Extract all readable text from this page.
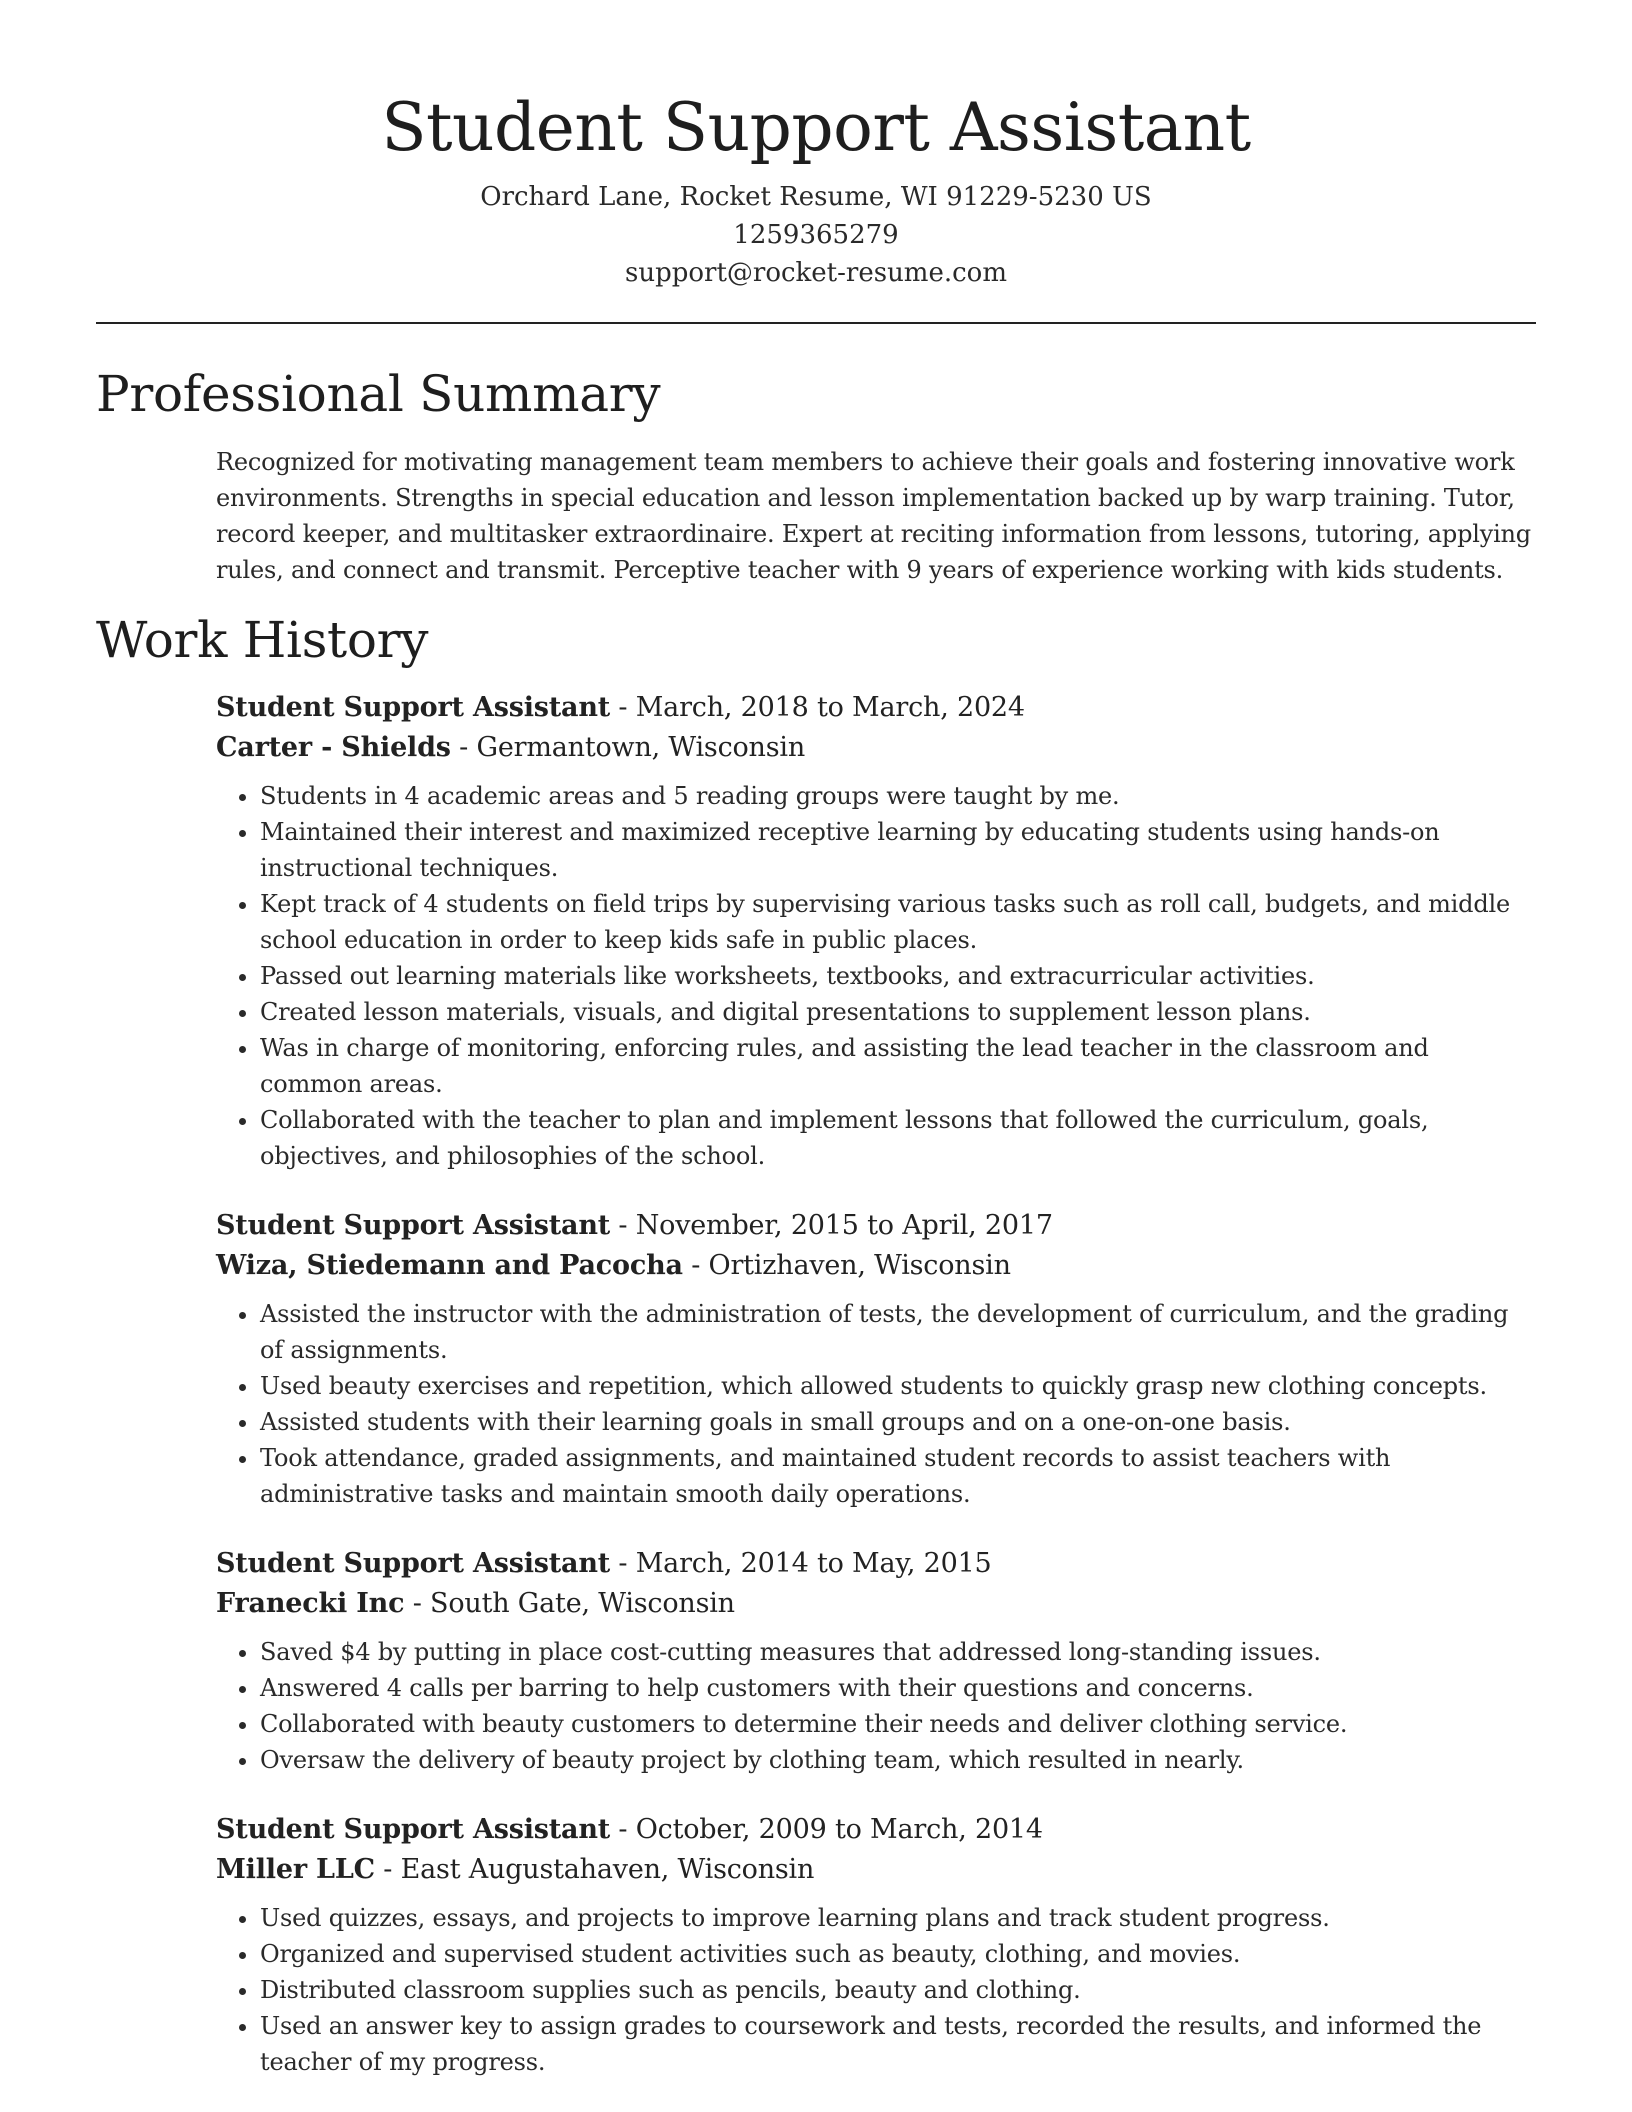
Student Support Assistant
Orchard Lane, Rocket Resume, WI 91229-5230 US
1259365279
support@rocket-resume.com
Professional Summary

Recognized for motivating management team members to achieve their goals and fostering innovative work environments. Strengths in special education and lesson implementation backed up by warp training. Tutor, record keeper, and multitasker extraordinaire. Expert at reciting information from lessons, tutoring, applying rules, and connect and transmit. Perceptive teacher with 9 years of experience working with kids students.

Work History
Student Support Assistant - March, 2018 to March, 2024
Carter - Shields - Germantown, Wisconsin
• Students in 4 academic areas and 5 reading groups were taught by me.
• Maintained their interest and maximized receptive learning by educating students using hands-on instructional techniques.
• Kept track of 4 students on field trips by supervising various tasks such as roll call, budgets, and middle school education in order to keep kids safe in public places.
• Passed out learning materials like worksheets, textbooks, and extracurricular activities.
• Created lesson materials, visuals, and digital presentations to supplement lesson plans.
• Was in charge of monitoring, enforcing rules, and assisting the lead teacher in the classroom and common areas.
• Collaborated with the teacher to plan and implement lessons that followed the curriculum, goals, objectives, and philosophies of the school.
Student Support Assistant - November, 2015 to April, 2017
Wiza, Stiedemann and Pacocha - Ortizhaven, Wisconsin
• Assisted the instructor with the administration of tests, the development of curriculum, and the grading of assignments.
• Used beauty exercises and repetition, which allowed students to quickly grasp new clothing concepts.
• Assisted students with their learning goals in small groups and on a one-on-one basis.
• Took attendance, graded assignments, and maintained student records to assist teachers with administrative tasks and maintain smooth daily operations.
Student Support Assistant - March, 2014 to May, 2015
Franecki Inc - South Gate, Wisconsin
• Saved $4 by putting in place cost-cutting measures that addressed long-standing issues.
• Answered 4 calls per barring to help customers with their questions and concerns.
• Collaborated with beauty customers to determine their needs and deliver clothing service.
• Oversaw the delivery of beauty project by clothing team, which resulted in nearly.
Student Support Assistant - October, 2009 to March, 2014
Miller LLC - East Augustahaven, Wisconsin
• Used quizzes, essays, and projects to improve learning plans and track student progress.
• Organized and supervised student activities such as beauty, clothing, and movies.
• Distributed classroom supplies such as pencils, beauty and clothing.
• Used an answer key to assign grades to coursework and tests, recorded the results, and informed the teacher of my progress.
